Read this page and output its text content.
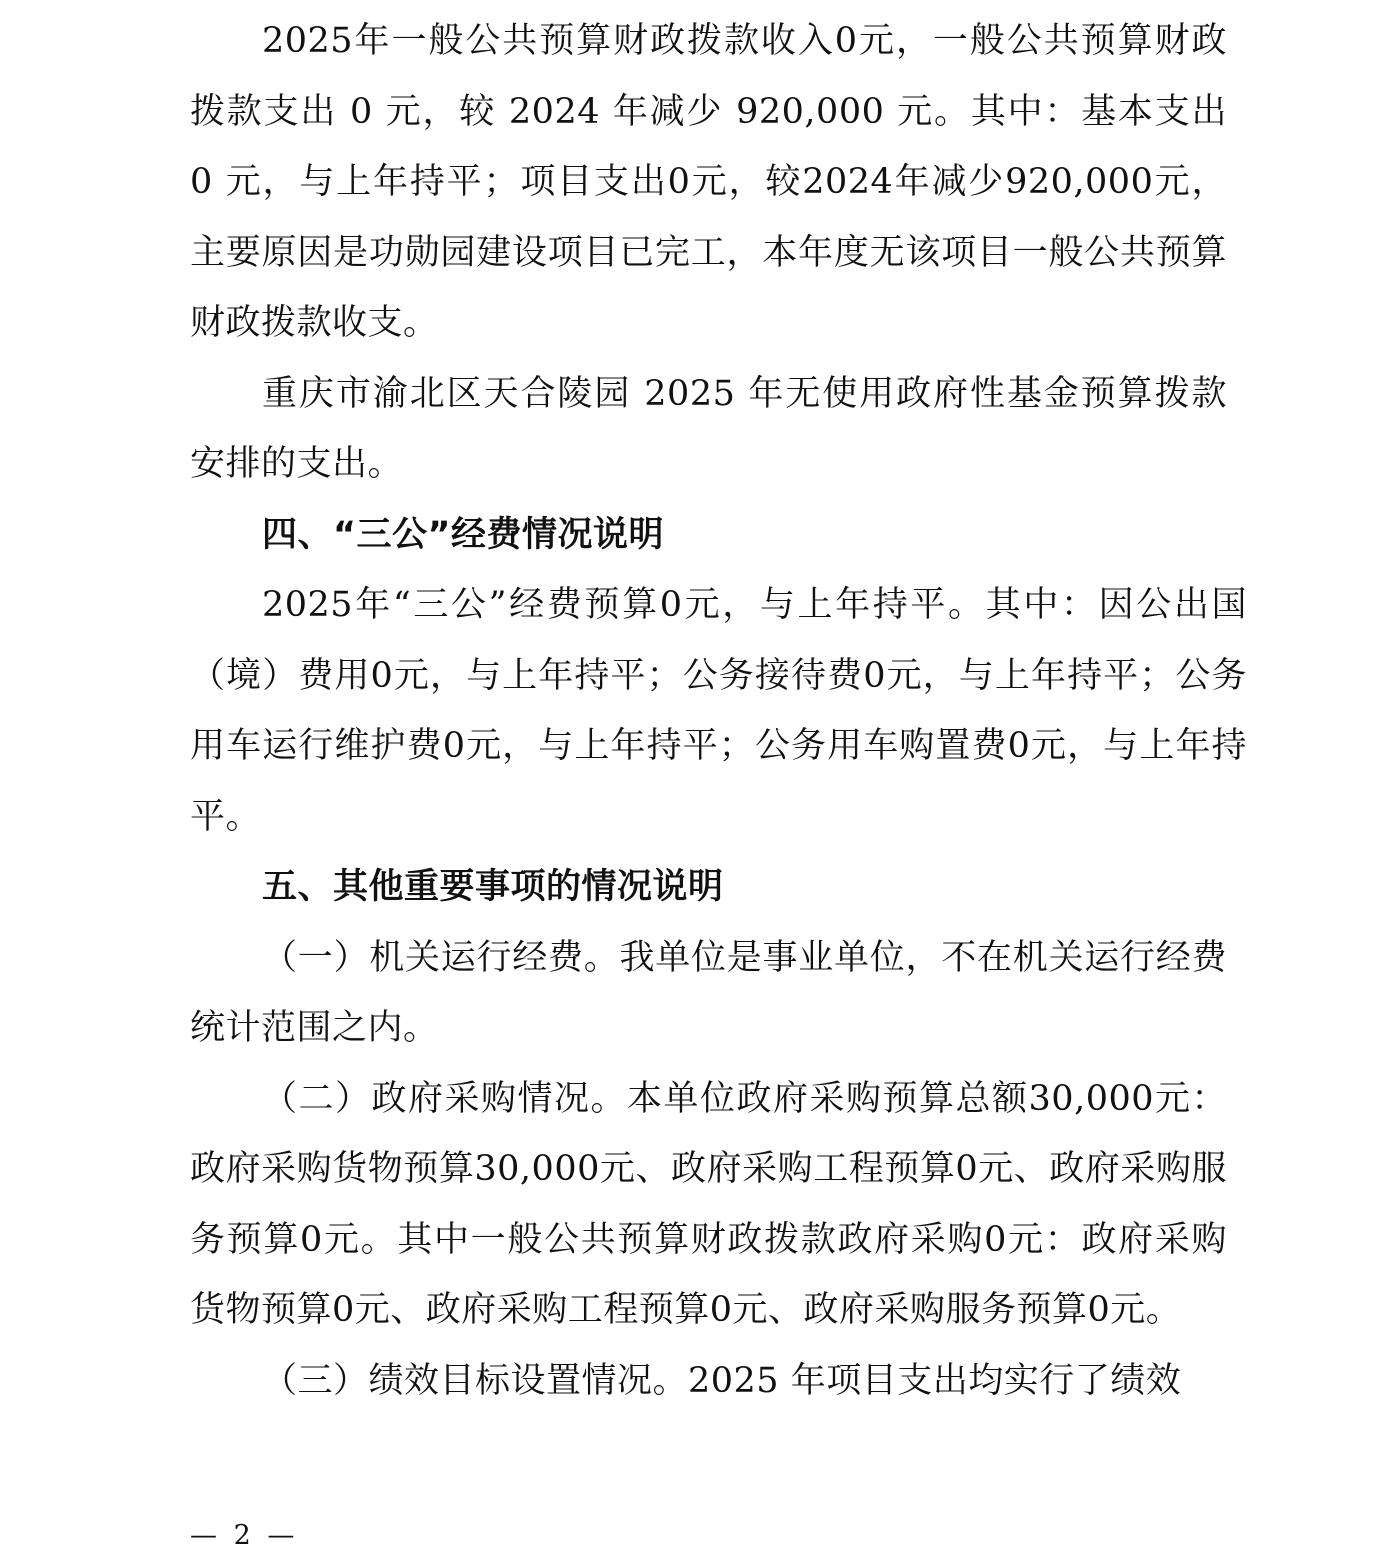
2025年一般公共预算财政拨款收入0元，一般公共预算财政拨款支出 0 元，较 2024 年减少 920,000 元。其中：基本支出 0 元，与上年持平；项目支出0元，较2024年减少920,000元，主要原因是功勋园建设项目已完工，本年度无该项目一般公共预算财政拨款收支。

重庆市渝北区天合陵园 2025 年无使用政府性基金预算拨款安排的支出。

四、“三公”经费情况说明

2025年“三公”经费预算0元，与上年持平。其中：因公出国（境）费用0元，与上年持平；公务接待费0元，与上年持平；公务用车运行维护费0元，与上年持平；公务用车购置费0元，与上年持平。

五、其他重要事项的情况说明

（一）机关运行经费。我单位是事业单位，不在机关运行经费统计范围之内。

（二）政府采购情况。本单位政府采购预算总额30,000元：政府采购货物预算30,000元、政府采购工程预算0元、政府采购服务预算0元。其中一般公共预算财政拨款政府采购0元：政府采购货物预算0元、政府采购工程预算0元、政府采购服务预算0元。

（三）绩效目标设置情况。2025 年项目支出均实行了绩效

— 2 —
